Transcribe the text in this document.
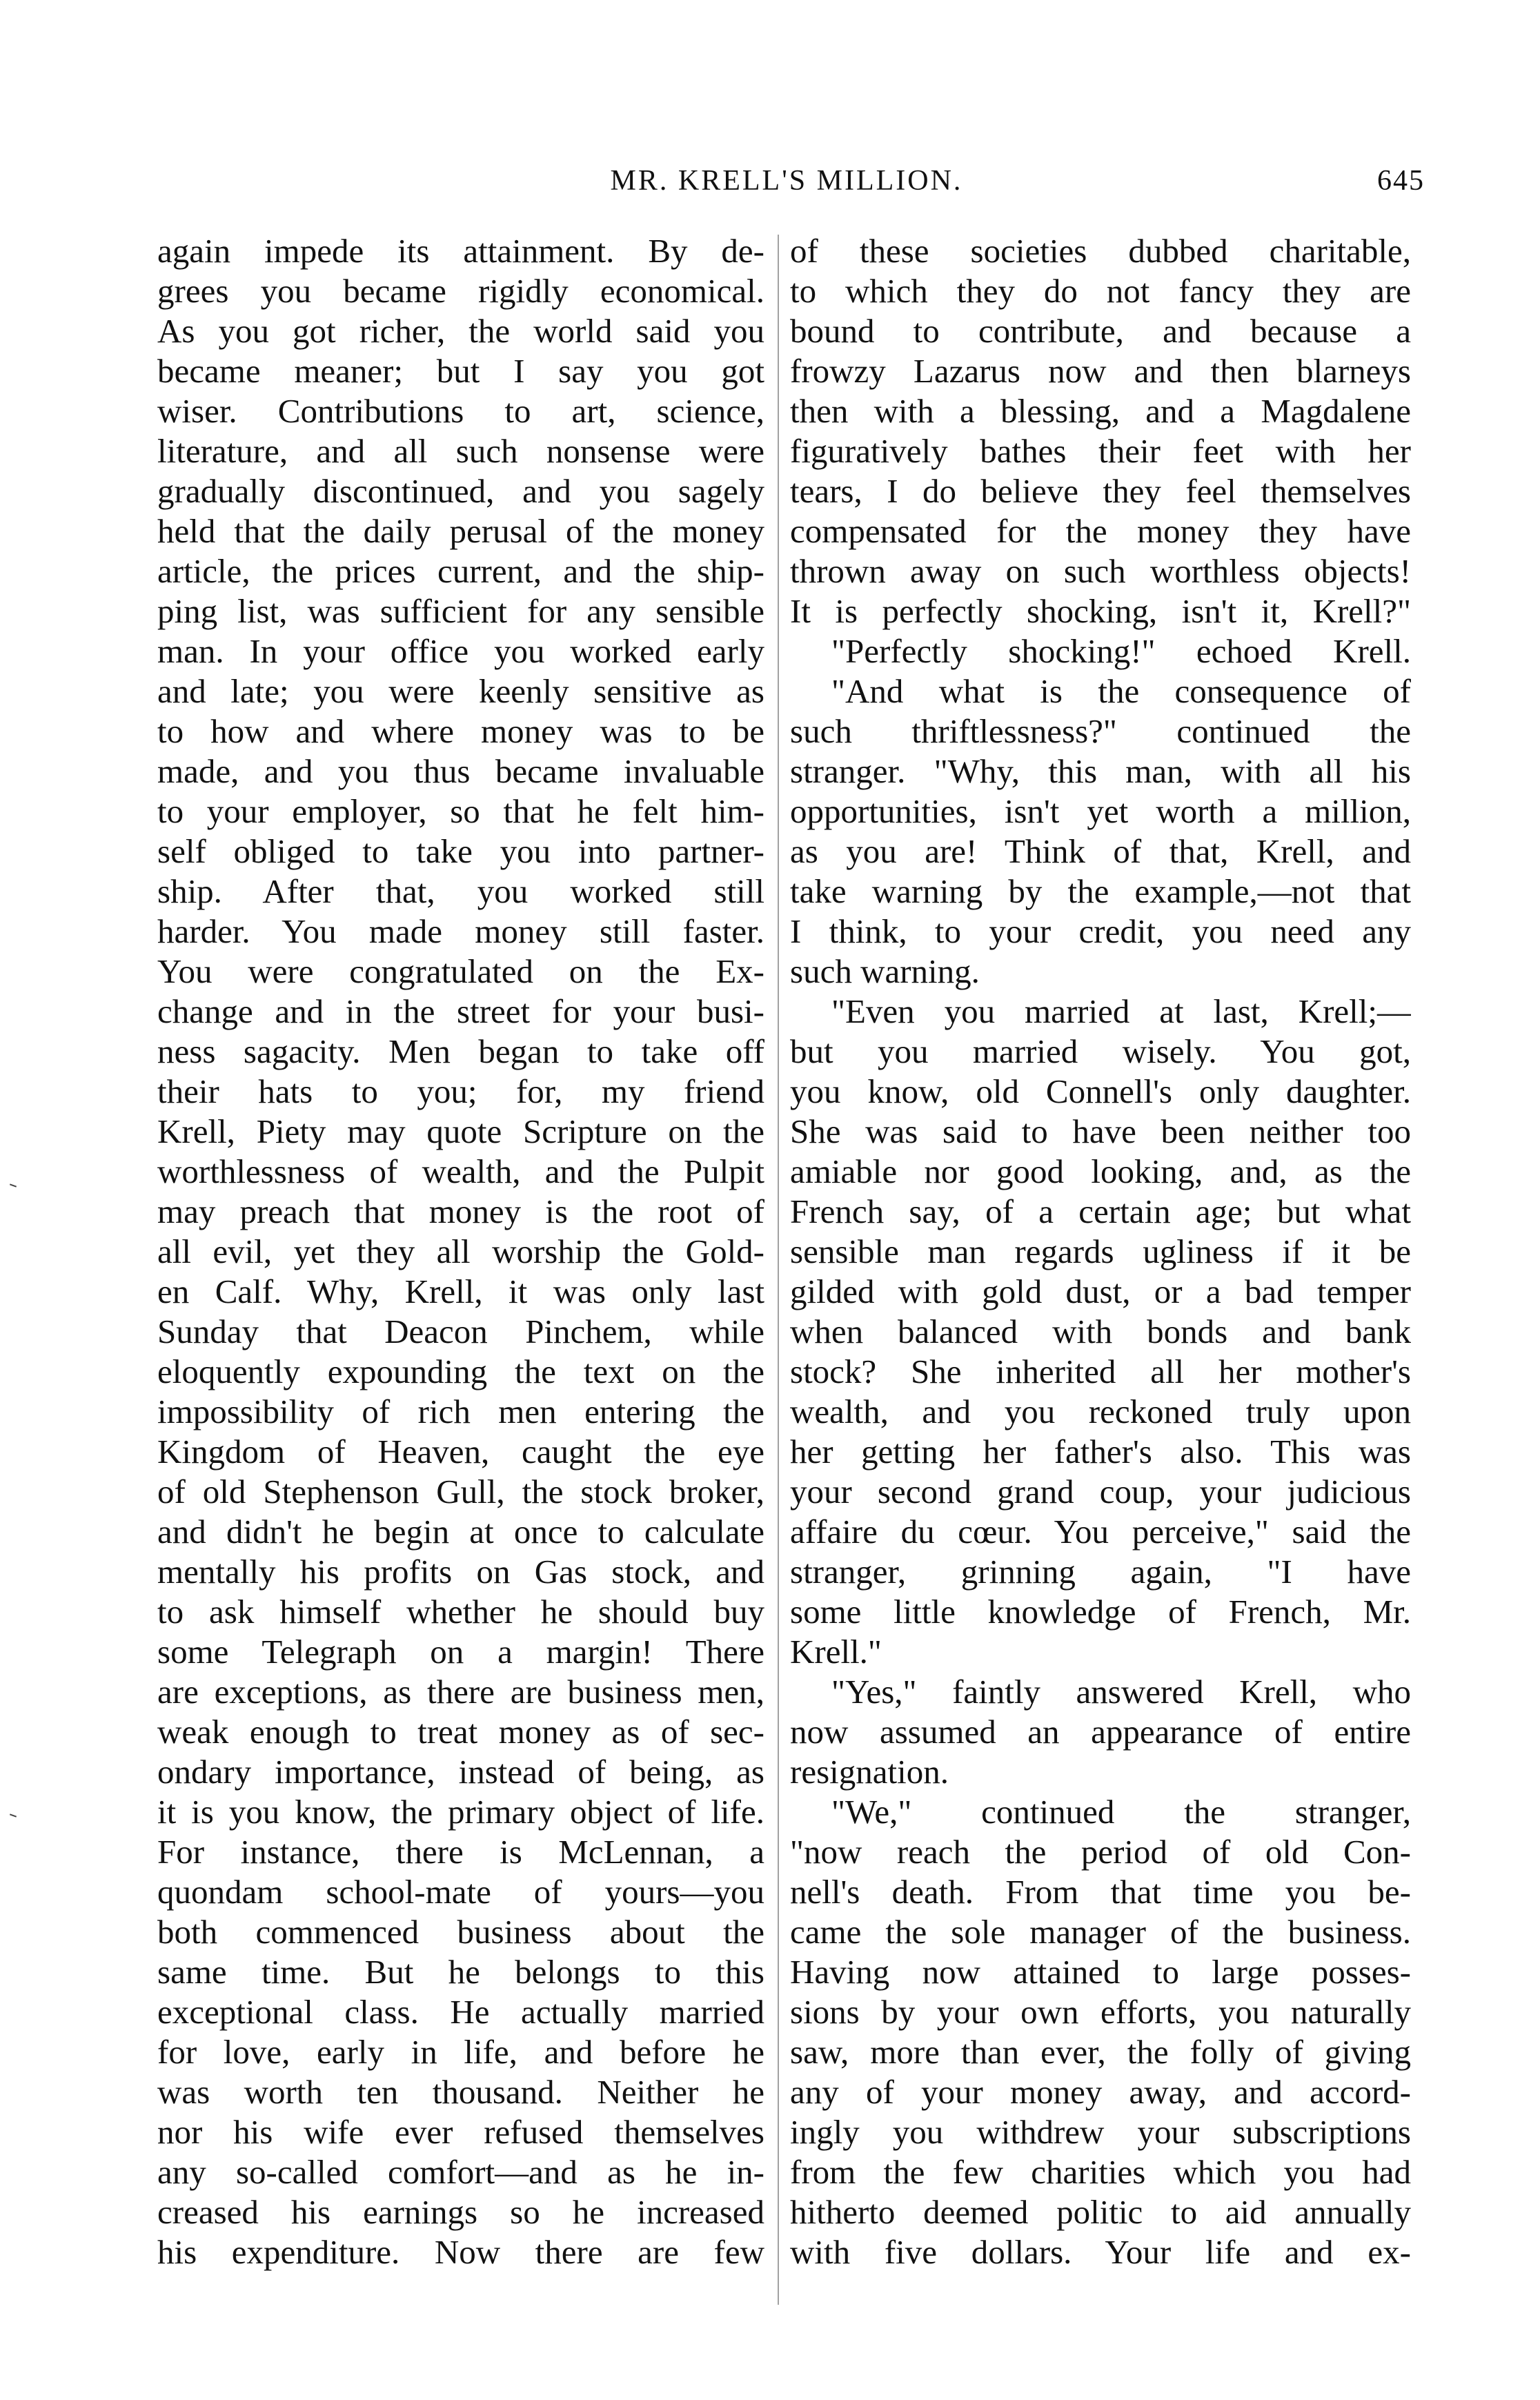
MR. KRELL'S MILLION.	645
again impede its attainment. By de-
grees you became rigidly economical.
As you got richer, the world said you
became meaner; but I say you got
wiser. Contributions to art, science,
literature, and all such nonsense were
gradually discontinued, and you sagely
held that the daily perusal of the money
article, the prices current, and the ship-
ping list, was sufficient for any sensible
man. In your office you worked early
and late; you were keenly sensitive as
to how and where money was to be
made, and you thus became invaluable
to your employer, so that he felt him-
self obliged to take you into partner-
ship. After that, you worked still
harder. You made money still faster.
You were congratulated on the Ex-
change and in the street for your busi-
ness sagacity. Men began to take off
their hats to you; for, my friend
Krell, Piety may quote Scripture on the
worthlessness of wealth, and the Pulpit
may preach that money is the root of
all evil, yet they all worship the Gold-
en Calf. Why, Krell, it was only last
Sunday that Deacon Pinchem, while
eloquently expounding the text on the
impossibility of rich men entering the
Kingdom of Heaven, caught the eye
of old Stephenson Gull, the stock broker,
and didn't he begin at once to calculate
mentally his profits on Gas stock, and
to ask himself whether he should buy
some Telegraph on a margin! There
are exceptions, as there are business men,
weak enough to treat money as of sec-
ondary importance, instead of being, as
it is you know, the primary object of life.
For instance, there is McLennan, a
quondam school-mate of yours—you
both commenced business about the
same time. But he belongs to this
exceptional class. He actually married
for love, early in life, and before he
was worth ten thousand. Neither he
nor his wife ever refused themselves
any so-called comfort—and as he in-
creased his earnings so he increased
his expenditure. Now there are few
of these societies dubbed charitable,
to which they do not fancy they are
bound to contribute, and because a
frowzy Lazarus now and then blarneys
then with a blessing, and a Magdalene
figuratively bathes their feet with her
tears, I do believe they feel themselves
compensated for the money they have
thrown away on such worthless objects!
It is perfectly shocking, isn't it, Krell?"
"Perfectly shocking!" echoed Krell.
"And what is the consequence of
such thriftlessness?" continued the
stranger. "Why, this man, with all his
opportunities, isn't yet worth a million,
as you are! Think of that, Krell, and
take warning by the example,—not that
I think, to your credit, you need any
such warning.
"Even you married at last, Krell;—
but you married wisely. You got,
you know, old Connell's only daughter.
She was said to have been neither too
amiable nor good looking, and, as the
French say, of a certain age; but what
sensible man regards ugliness if it be
gilded with gold dust, or a bad temper
when balanced with bonds and bank
stock? She inherited all her mother's
wealth, and you reckoned truly upon
her getting her father's also. This was
your second grand coup, your judicious
affaire du cœur. You perceive," said the
stranger, grinning again, "I have
some little knowledge of French, Mr.
Krell."
"Yes," faintly answered Krell, who
now assumed an appearance of entire
resignation.
"We," continued the stranger,
"now reach the period of old Con-
nell's death. From that time you be-
came the sole manager of the business.
Having now attained to large posses-
sions by your own efforts, you naturally
saw, more than ever, the folly of giving
any of your money away, and accord-
ingly you withdrew your subscriptions
from the few charities which you had
hitherto deemed politic to aid annually
with five dollars. Your life and ex-
